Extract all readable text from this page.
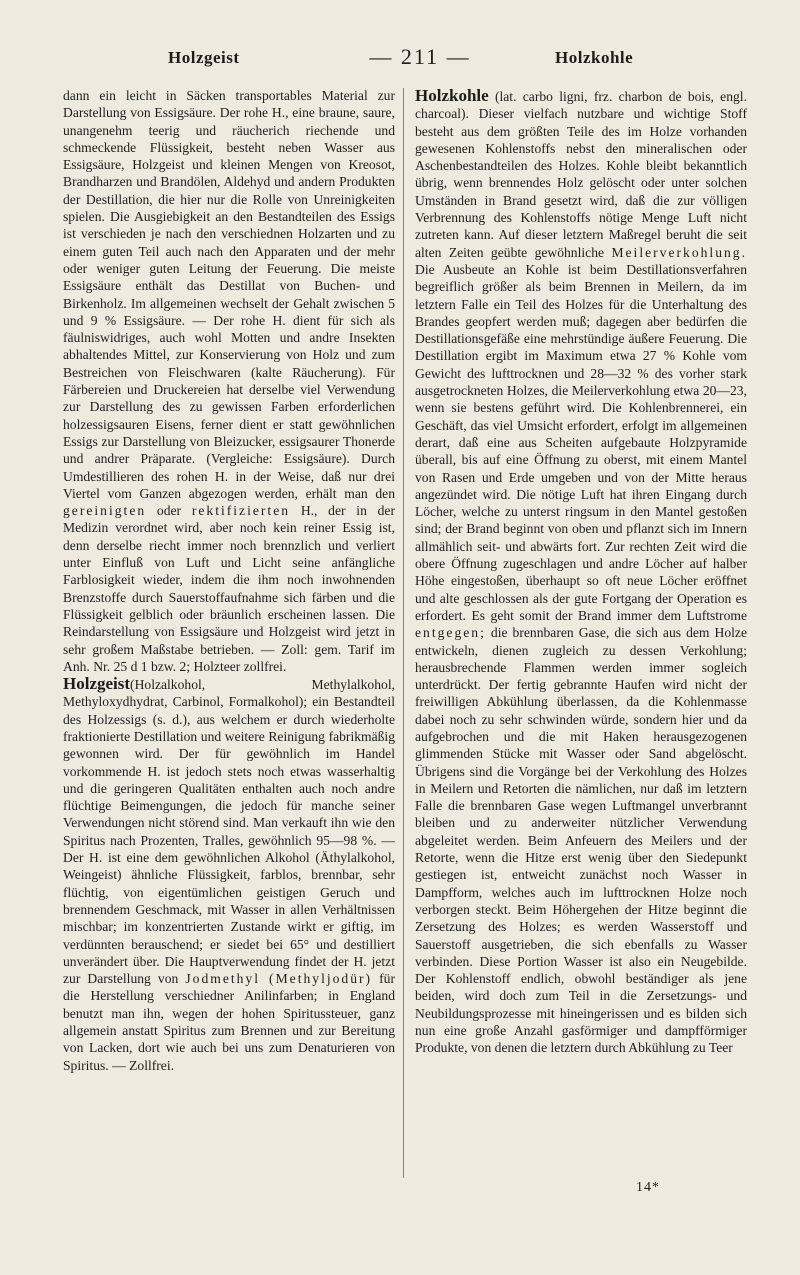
Holzgeist	— 211 —	Holzkohle

dann ein leicht in Säcken transportables Material zur Darstellung von Essigsäure. Der rohe H., eine braune, saure, unangenehm teerig und räucherich riechende und schmeckende Flüssigkeit, besteht neben Wasser aus Essigsäure, Holzgeist und kleinen Mengen von Kreosot, Brandharzen und Brandölen, Aldehyd und andern Produkten der Destillation, die hier nur die Rolle von Unreinigkeiten spielen. Die Ausgiebigkeit an den Bestandteilen des Essigs ist verschieden je nach den verschiednen Holzarten und zu einem guten Teil auch nach den Apparaten und der mehr oder weniger guten Leitung der Feuerung. Die meiste Essigsäure enthält das Destillat von Buchen- und Birkenholz. Im allgemeinen wechselt der Gehalt zwischen 5 und 9 % Essigsäure. — Der rohe H. dient für sich als fäulniswidriges, auch wohl Motten und andre Insekten abhaltendes Mittel, zur Konservierung von Holz und zum Bestreichen von Fleischwaren (kalte Räucherung). Für Färbereien und Druckereien hat derselbe viel Verwendung zur Darstellung des zu gewissen Farben erforderlichen holzessigsauren Eisens, ferner dient er statt gewöhnlichen Essigs zur Darstellung von Bleizucker, essigsaurer Thonerde und andrer Präparate. (Vergleiche: Essigsäure). Durch Umdestillieren des rohen H. in der Weise, daß nur drei Viertel vom Ganzen abgezogen werden, erhält man den gereinigten oder rektifizierten H., der in der Medizin verordnet wird, aber noch kein reiner Essig ist, denn derselbe riecht immer noch brennzlich und verliert unter Einfluß von Luft und Licht seine anfängliche Farblosigkeit wieder, indem die ihm noch inwohnenden Brenzstoffe durch Sauerstoffaufnahme sich färben und die Flüssigkeit gelblich oder bräunlich erscheinen lassen. Die Reindarstellung von Essigsäure und Holzgeist wird jetzt in sehr großem Maßstabe betrieben. — Zoll: gem. Tarif im Anh. Nr. 25 d 1 bzw. 2; Holzteer zollfrei.

Holzgeist(Holzalkohol, Methylalkohol, Methyloxydhydrat, Carbinol, Formalkohol); ein Bestandteil des Holzessigs (s. d.), aus welchem er durch wiederholte fraktionierte Destillation und weitere Reinigung fabrikmäßig gewonnen wird. Der für gewöhnlich im Handel vorkommende H. ist jedoch stets noch etwas wasserhaltig und die geringeren Qualitäten enthalten auch noch andre flüchtige Beimengungen, die jedoch für manche seiner Verwendungen nicht störend sind. Man verkauft ihn wie den Spiritus nach Prozenten, Tralles, gewöhnlich 95—98 %. — Der H. ist eine dem gewöhnlichen Alkohol (Äthylalkohol, Weingeist) ähnliche Flüssigkeit, farblos, brennbar, sehr flüchtig, von eigentümlichen geistigen Geruch und brennendem Geschmack, mit Wasser in allen Verhältnissen mischbar; im konzentrierten Zustande wirkt er giftig, im verdünnten berauschend; er siedet bei 65° und destilliert unverändert über. Die Hauptverwendung findet der H. jetzt zur Darstellung von Jodmethyl (Methyljodür) für die Herstellung verschiedner Anilinfarben; in England benutzt man ihn, wegen der hohen Spiritussteuer, ganz allgemein anstatt Spiritus zum Brennen und zur Bereitung von Lacken, dort wie auch bei uns zum Denaturieren von Spiritus. — Zollfrei.

Holzkohle (lat. carbo ligni, frz. charbon de bois, engl. charcoal). Dieser vielfach nutzbare und wichtige Stoff besteht aus dem größten Teile des im Holze vorhanden gewesenen Kohlenstoffs nebst den mineralischen oder Aschenbestandteilen des Holzes. Kohle bleibt bekanntlich übrig, wenn brennendes Holz gelöscht oder unter solchen Umständen in Brand gesetzt wird, daß die zur völligen Verbrennung des Kohlenstoffs nötige Menge Luft nicht zutreten kann. Auf dieser letztern Maßregel beruht die seit alten Zeiten geübte gewöhnliche Meilerverkohlung. Die Ausbeute an Kohle ist beim Destillationsverfahren begreiflich größer als beim Brennen in Meilern, da im letztern Falle ein Teil des Holzes für die Unterhaltung des Brandes geopfert werden muß; dagegen aber bedürfen die Destillationsgefäße eine mehrstündige äußere Feuerung. Die Destillation ergibt im Maximum etwa 27 % Kohle vom Gewicht des lufttrocknen und 28—32 % des vorher stark ausgetrockneten Holzes, die Meilerverkohlung etwa 20—23, wenn sie bestens geführt wird. Die Kohlenbrennerei, ein Geschäft, das viel Umsicht erfordert, erfolgt im allgemeinen derart, daß eine aus Scheiten aufgebaute Holzpyramide überall, bis auf eine Öffnung zu oberst, mit einem Mantel von Rasen und Erde umgeben und von der Mitte heraus angezündet wird. Die nötige Luft hat ihren Eingang durch Löcher, welche zu unterst ringsum in den Mantel gestoßen sind; der Brand beginnt von oben und pflanzt sich im Innern allmählich seit- und abwärts fort. Zur rechten Zeit wird die obere Öffnung zugeschlagen und andre Löcher auf halber Höhe eingestoßen, überhaupt so oft neue Löcher eröffnet und alte geschlossen als der gute Fortgang der Operation es erfordert. Es geht somit der Brand immer dem Luftstrome entgegen; die brennbaren Gase, die sich aus dem Holze entwickeln, dienen zugleich zu dessen Verkohlung; herausbrechende Flammen werden immer sogleich unterdrückt. Der fertig gebrannte Haufen wird nicht der freiwilligen Abkühlung überlassen, da die Kohlenmasse dabei noch zu sehr schwinden würde, sondern hier und da aufgebrochen und die mit Haken herausgezogenen glimmenden Stücke mit Wasser oder Sand abgelöscht. Übrigens sind die Vorgänge bei der Verkohlung des Holzes in Meilern und Retorten die nämlichen, nur daß im letztern Falle die brennbaren Gase wegen Luftmangel unverbrannt bleiben und zu anderweiter nützlicher Verwendung abgeleitet werden. Beim Anfeuern des Meilers und der Retorte, wenn die Hitze erst wenig über den Siedepunkt gestiegen ist, entweicht zunächst noch Wasser in Dampfform, welches auch im lufttrocknen Holze noch verborgen steckt. Beim Höhergehen der Hitze beginnt die Zersetzung des Holzes; es werden Wasserstoff und Sauerstoff ausgetrieben, die sich ebenfalls zu Wasser verbinden. Diese Portion Wasser ist also ein Neugebilde. Der Kohlenstoff endlich, obwohl beständiger als jene beiden, wird doch zum Teil in die Zersetzungs- und Neubildungsprozesse mit hineingerissen und es bilden sich nun eine große Anzahl gasförmiger und dampfförmiger Produkte, von denen die letztern durch Abkühlung zu Teer

14*
